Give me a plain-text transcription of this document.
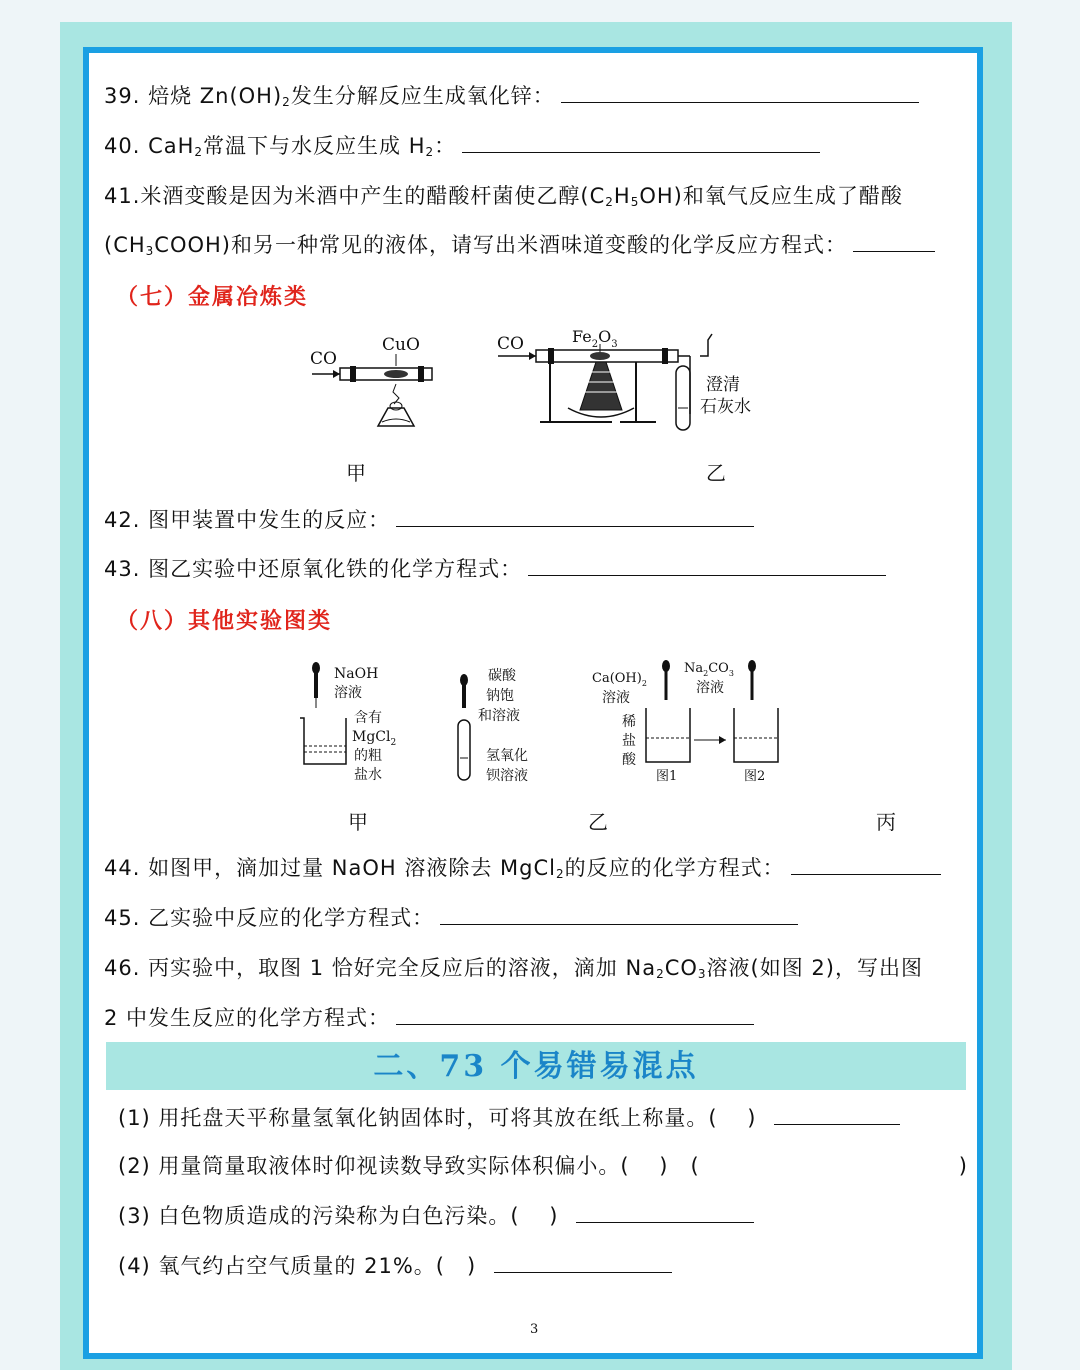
39. 焙烧 $Zn(OH)_2$发生分解反应生成氧化锌：
40. CaH$_2$常温下与水反应生成 $H_2$：
41.米酒变酸是因为米酒中产生的醋酸杆菌使乙醇$(C_2H_5OH)$和氧气反应生成了醋酸
$(CH_3COOH)$和另一种常见的液体，请写出米酒味道变酸的化学反应方程式：
（七）金属冶炼类
CO
CuO	CO	$Fe_2O_3$
澄清
石灰水
甲	乙
42. 图甲装置中发生的反应：
43. 图乙实验中还原氧化铁的化学方程式：
（八）其他实验图类
NaOH
溶液
含有
MgCl$_2$
的粗
盐水
碳酸
钠饱
和溶液
氢氧化
钡溶液
$Ca(OH)_2$
溶液
$Na_2CO_3$
溶液
稀
盐
酸
图1	图2
甲	乙	丙
44. 如图甲，滴加过量 NaOH 溶液除去 MgCl$_2$的反应的化学方程式：
45. 乙实验中反应的化学方程式：
46. 丙实验中，取图 1 恰好完全反应后的溶液，滴加 $Na_2CO_3$溶液(如图 2)，写出图
2 中发生反应的化学方程式：
二、73 个易错易混点
(1) 用托盘天平称量氢氧化钠固体时，可将其放在纸上称量。(　 )
(2) 用量筒量取液体时仰视读数导致实际体积偏小。(　 )　(	)
(3) 白色物质造成的污染称为白色污染。(　 )
(4) 氧气约占空气质量的 21%。(　)
3
